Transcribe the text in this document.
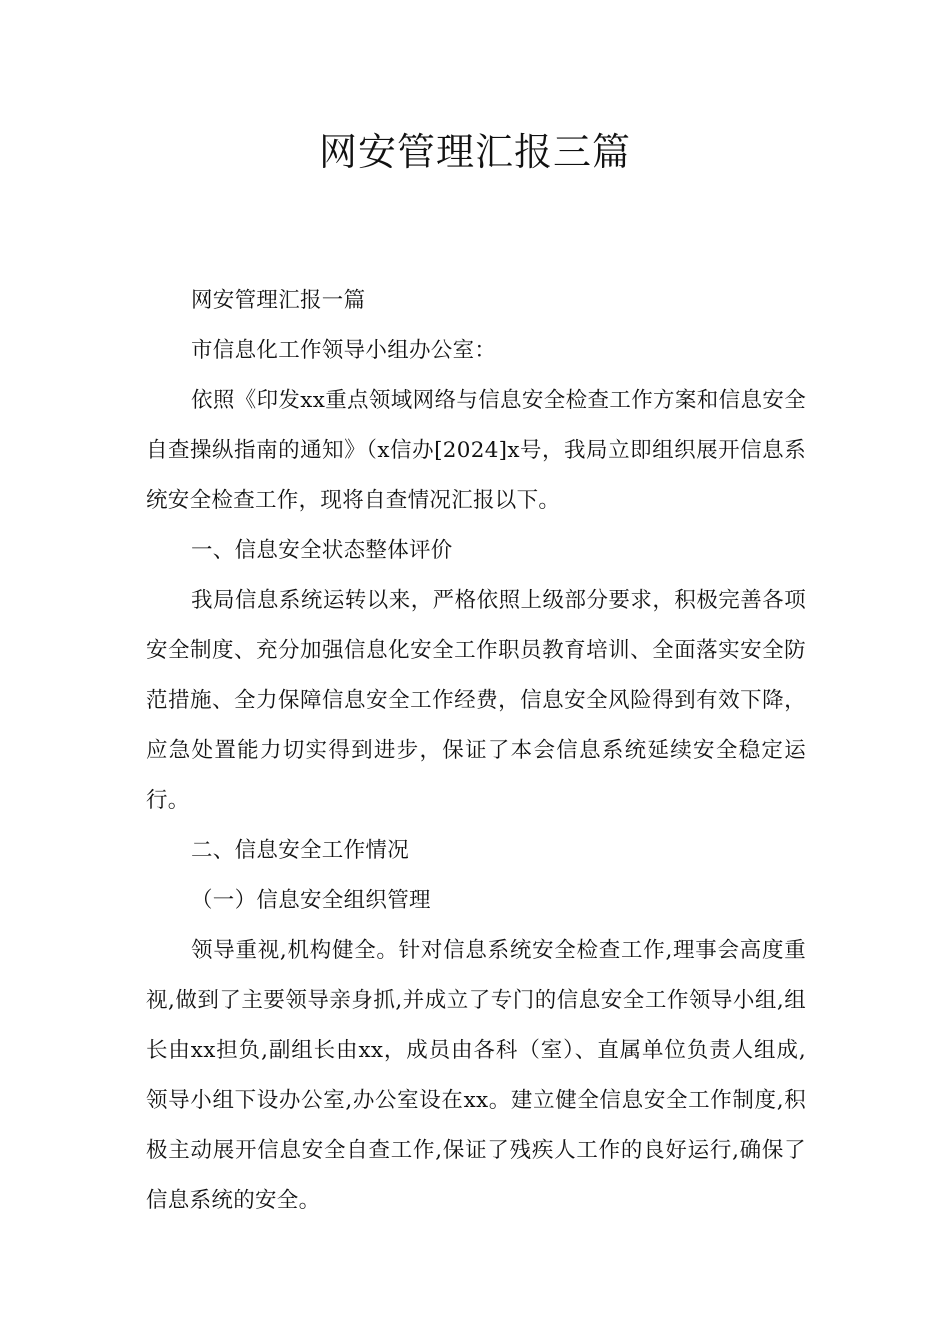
网安管理汇报三篇

网安管理汇报一篇

市信息化工作领导小组办公室：

依照《印发xx重点领域网络与信息安全检查工作方案和信息安全自查操纵指南的通知》（x信办[2024]x号，我局立即组织展开信息系统安全检查工作，现将自查情况汇报以下。

一、信息安全状态整体评价

我局信息系统运转以来，严格依照上级部分要求，积极完善各项安全制度、充分加强信息化安全工作职员教育培训、全面落实安全防范措施、全力保障信息安全工作经费，信息安全风险得到有效下降，应急处置能力切实得到进步，保证了本会信息系统延续安全稳定运行。

二、信息安全工作情况

（一）信息安全组织管理

领导重视,机构健全。针对信息系统安全检查工作,理事会高度重视,做到了主要领导亲身抓,并成立了专门的信息安全工作领导小组,组长由xx担负,副组长由xx，成员由各科（室）、直属单位负责人组成,领导小组下设办公室,办公室设在xx。建立健全信息安全工作制度,积极主动展开信息安全自查工作,保证了残疾人工作的良好运行,确保了信息系统的安全。
